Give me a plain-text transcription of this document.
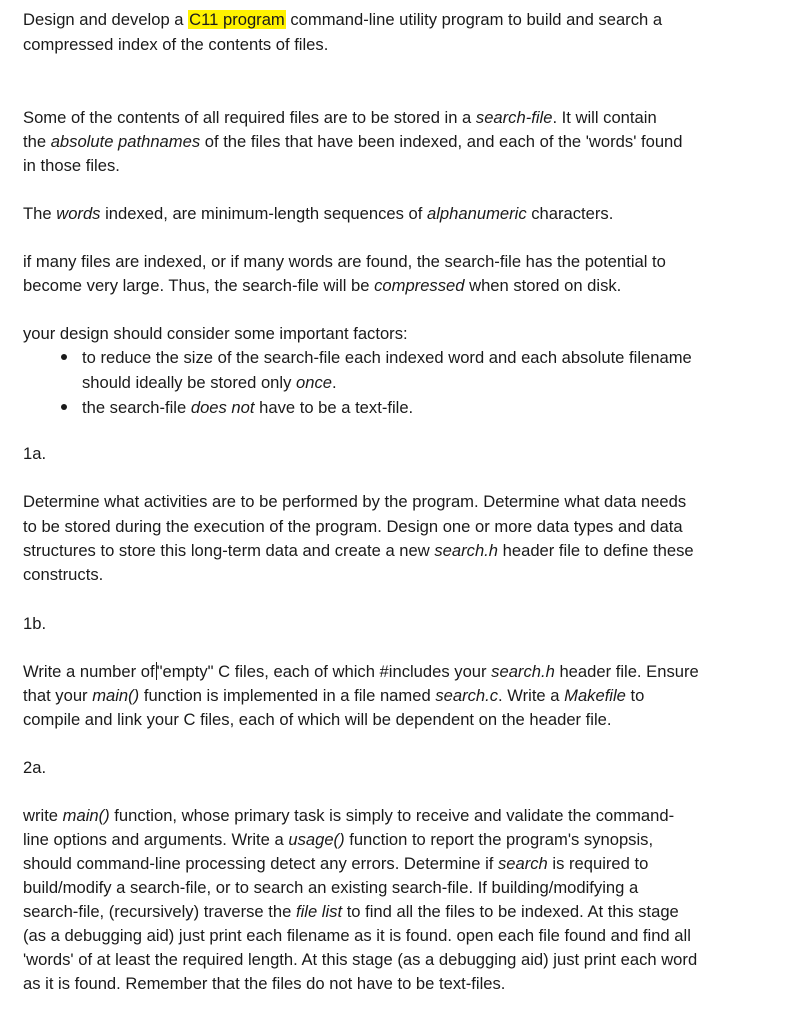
Design and develop a C11 program command-line utility program to build and search a
compressed index of the contents of files.
Some of the contents of all required files are to be stored in a search-file. It will contain
the absolute pathnames of the files that have been indexed, and each of the 'words' found
in those files.
The words indexed, are minimum-length sequences of alphanumeric characters.
if many files are indexed, or if many words are found, the search-file has the potential to
become very large. Thus, the search-file will be compressed when stored on disk.
your design should consider some important factors:
to reduce the size of the search-file each indexed word and each absolute filename
should ideally be stored only once.
the search-file does not have to be a text-file.
1a.
Determine what activities are to be performed by the program. Determine what data needs
to be stored during the execution of the program. Design one or more data types and data
structures to store this long-term data and create a new search.h header file to define these
constructs.
1b.
Write a number of "empty" C files, each of which #includes your search.h header file. Ensure
that your main() function is implemented in a file named search.c. Write a Makefile to
compile and link your C files, each of which will be dependent on the header file.
2a.
write main() function, whose primary task is simply to receive and validate the command-
line options and arguments. Write a usage() function to report the program's synopsis,
should command-line processing detect any errors. Determine if search is required to
build/modify a search-file, or to search an existing search-file. If building/modifying a
search-file, (recursively) traverse the file list to find all the files to be indexed. At this stage
(as a debugging aid) just print each filename as it is found. open each file found and find all
'words' of at least the required length. At this stage (as a debugging aid) just print each word
as it is found. Remember that the files do not have to be text-files.
